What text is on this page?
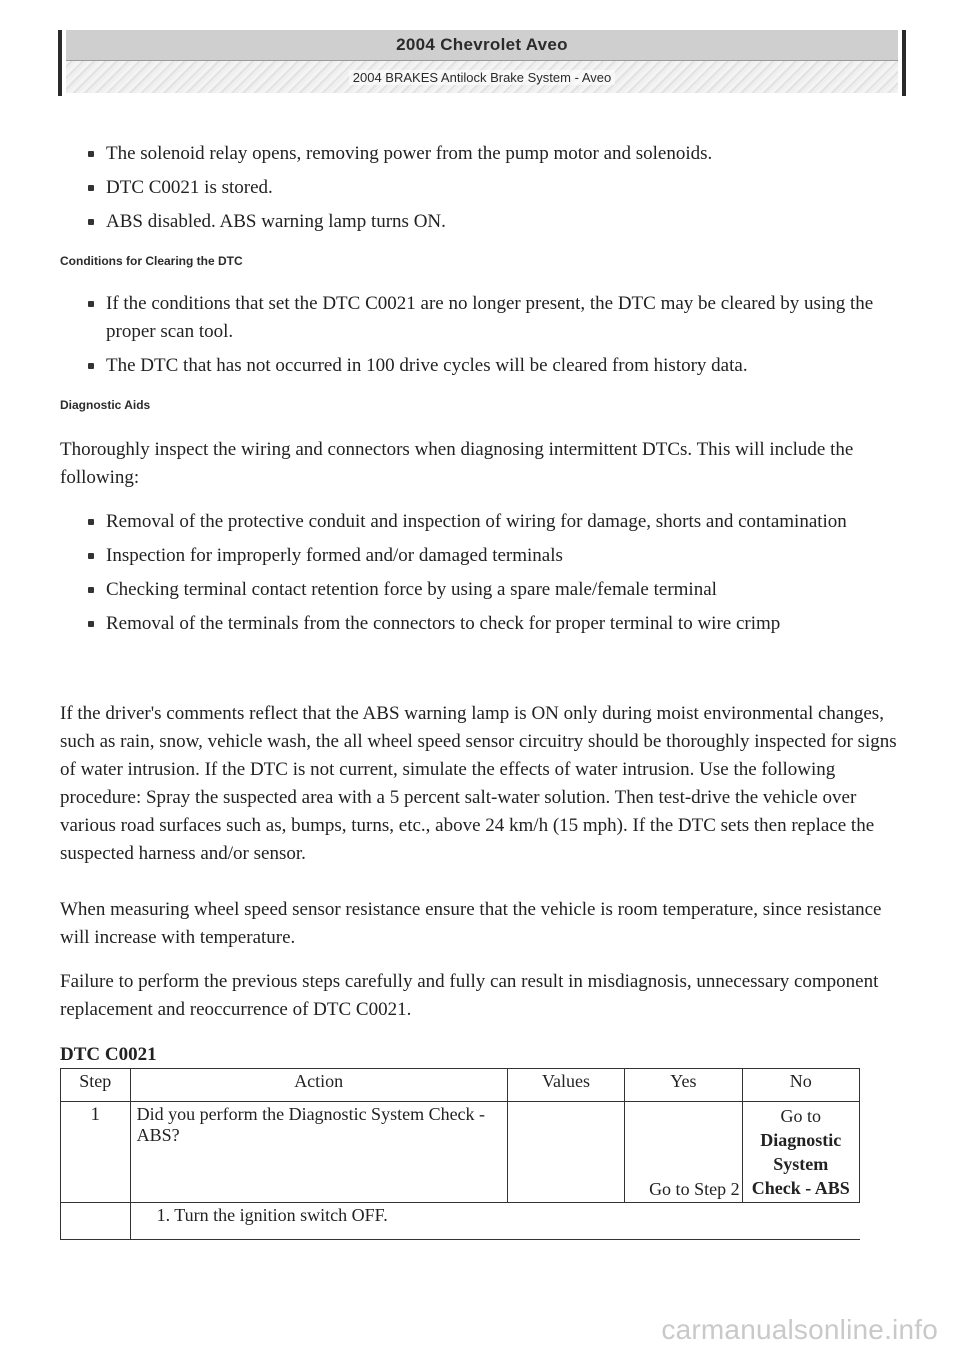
2004 Chevrolet Aveo
2004 BRAKES Antilock Brake System - Aveo
The solenoid relay opens, removing power from the pump motor and solenoids.
DTC C0021 is stored.
ABS disabled. ABS warning lamp turns ON.
Conditions for Clearing the DTC
If the conditions that set the DTC C0021 are no longer present, the DTC may be cleared by using the proper scan tool.
The DTC that has not occurred in 100 drive cycles will be cleared from history data.
Diagnostic Aids

Thoroughly inspect the wiring and connectors when diagnosing intermittent DTCs. This will include the following:

Removal of the protective conduit and inspection of wiring for damage, shorts and contamination
Inspection for improperly formed and/or damaged terminals
Checking terminal contact retention force by using a spare male/female terminal
Removal of the terminals from the connectors to check for proper terminal to wire crimp

If the driver's comments reflect that the ABS warning lamp is ON only during moist environmental changes, such as rain, snow, vehicle wash, the all wheel speed sensor circuitry should be thoroughly inspected for signs of water intrusion. If the DTC is not current, simulate the effects of water intrusion. Use the following procedure: Spray the suspected area with a 5 percent salt-water solution. Then test-drive the vehicle over various road surfaces such as, bumps, turns, etc., above 24 km/h (15 mph). If the DTC sets then replace the suspected harness and/or sensor.

When measuring wheel speed sensor resistance ensure that the vehicle is room temperature, since resistance will increase with temperature.

Failure to perform the previous steps carefully and fully can result in misdiagnosis, unnecessary component replacement and reoccurrence of DTC C0021.

DTC C0021
Step	Action	Values	Yes	No
1	Did you perform the Diagnostic System Check - ABS?		Go to Step 2	Go to
Diagnostic
System
Check - ABS

	1. Turn the ignition switch OFF.			
carmanualsonline.info
